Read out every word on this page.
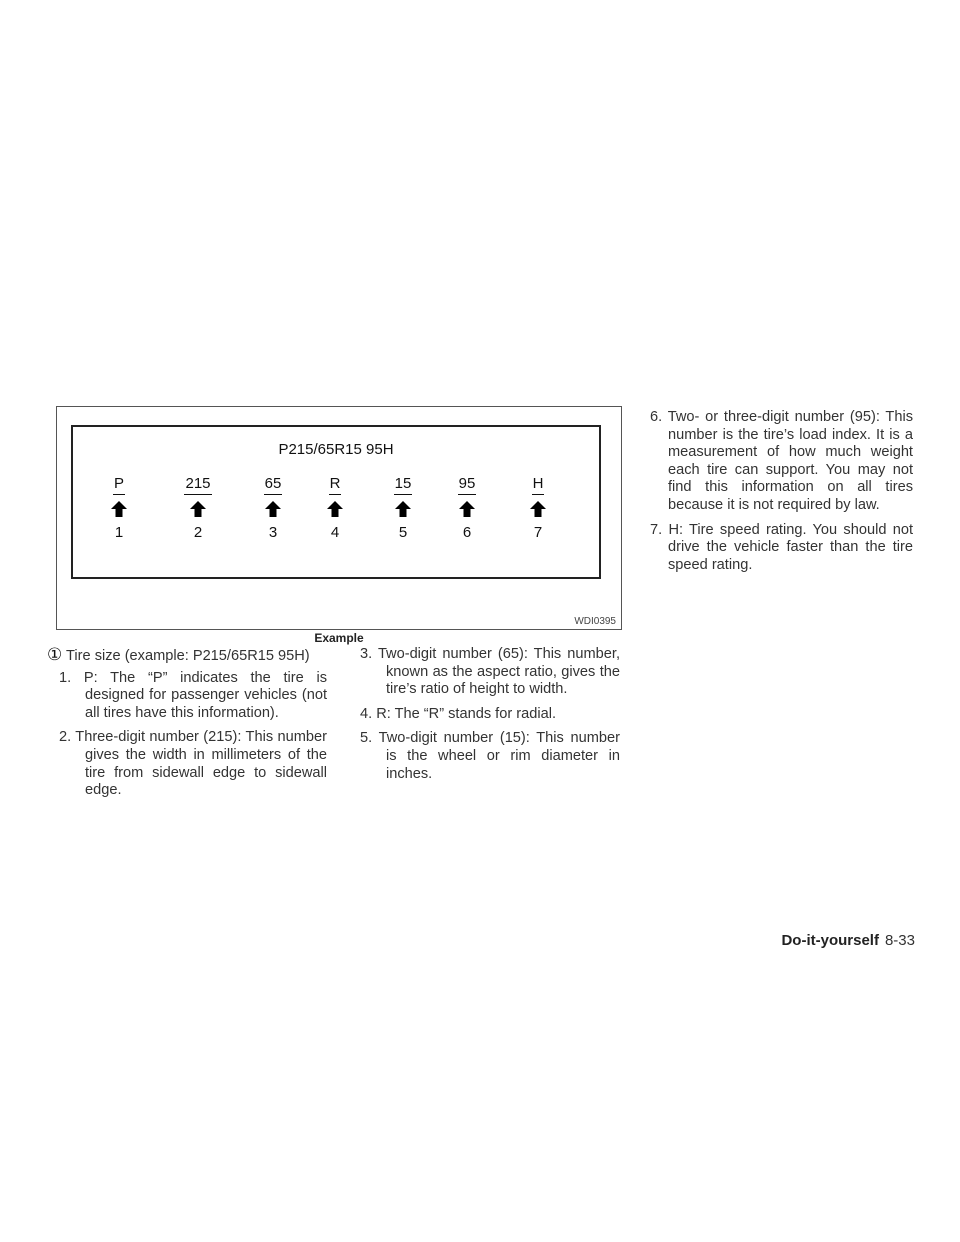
P215/65R15 95H
P
1
215
2
65
3
R
4
15
5
95
6
H
7
WDI0395
Example

① Tire size (example: P215/65R15 95H)

1. P: The “P” indicates the tire is designed for passenger vehicles (not all tires have this information).

2. Three-digit number (215): This number gives the width in millimeters of the tire from sidewall edge to sidewall edge.

3. Two-digit number (65): This number, known as the aspect ratio, gives the tire’s ratio of height to width.

4. R: The “R” stands for radial.

5. Two-digit number (15): This number is the wheel or rim diameter in inches.

6. Two- or three-digit number (95): This number is the tire’s load index. It is a measurement of how much weight each tire can support. You may not find this information on all tires because it is not required by law.

7. H: Tire speed rating. You should not drive the vehicle faster than the tire speed rating.

Do-it-yourself 8-33
